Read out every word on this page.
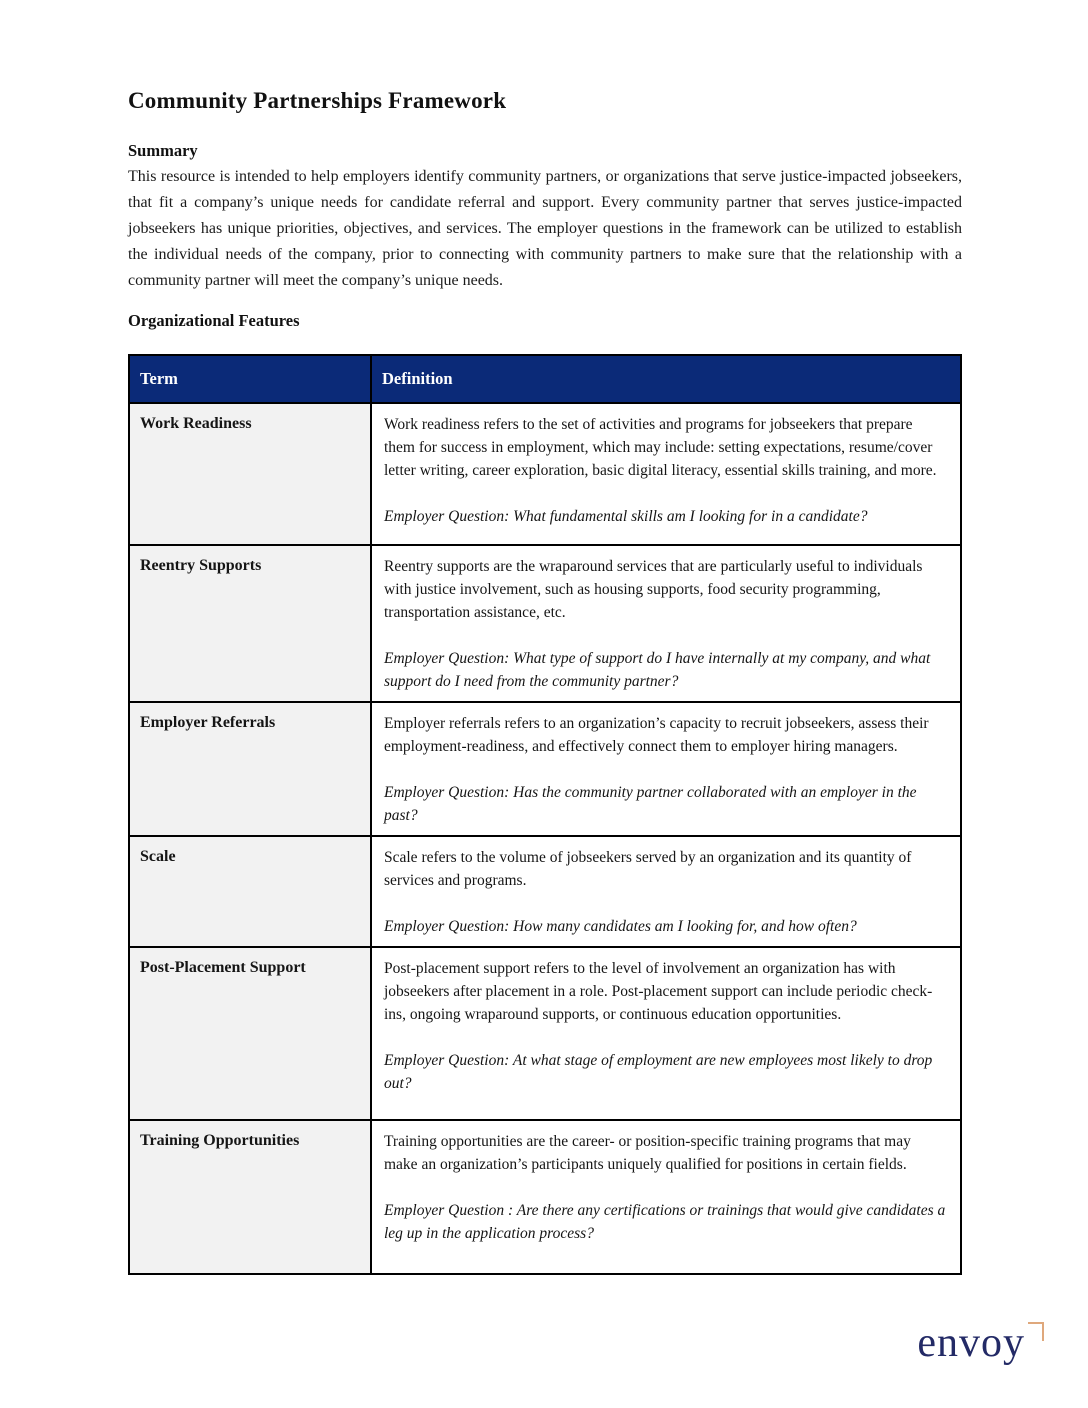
Community Partnerships Framework
Summary

This resource is intended to help employers identify community partners, or organizations that serve justice-impacted jobseekers, that fit a company’s unique needs for candidate referral and support. Every community partner that serves justice-impacted jobseekers has unique priorities, objectives, and services. The employer questions in the framework can be utilized to establish the individual needs of the company, prior to connecting with community partners to make sure that the relationship with a community partner will meet the company’s unique needs.

Organizational Features
Term	Definition
Work Readiness	Work readiness refers to the set of activities and programs for jobseekers that prepare them for success in employment, which may include: setting expectations, resume/cover letter writing, career exploration, basic digital literacy, essential skills training, and more.

Employer Question: What fundamental skills am I looking for in a candidate?

Reentry Supports	Reentry supports are the wraparound services that are particularly useful to individuals with justice involvement, such as housing supports, food security programming, transportation assistance, etc.

Employer Question: What type of support do I have internally at my company, and what support do I need from the community partner?

Employer Referrals	Employer referrals refers to an organization’s capacity to recruit jobseekers, assess their employment-readiness, and effectively connect them to employer hiring managers.

Employer Question: Has the community partner collaborated with an employer in the past?

Scale	Scale refers to the volume of jobseekers served by an organization and its quantity of services and programs.

Employer Question: How many candidates am I looking for, and how often?

Post-Placement Support	Post-placement support refers to the level of involvement an organization has with jobseekers after placement in a role. Post-placement support can include periodic check-ins, ongoing wraparound supports, or continuous education opportunities.

Employer Question: At what stage of employment are new employees most likely to drop out?

Training Opportunities	Training opportunities are the career- or position-specific training programs that may make an organization’s participants uniquely qualified for positions in certain fields.

Employer Question : Are there any certifications or trainings that would give candidates a leg up in the application process?

envoy
